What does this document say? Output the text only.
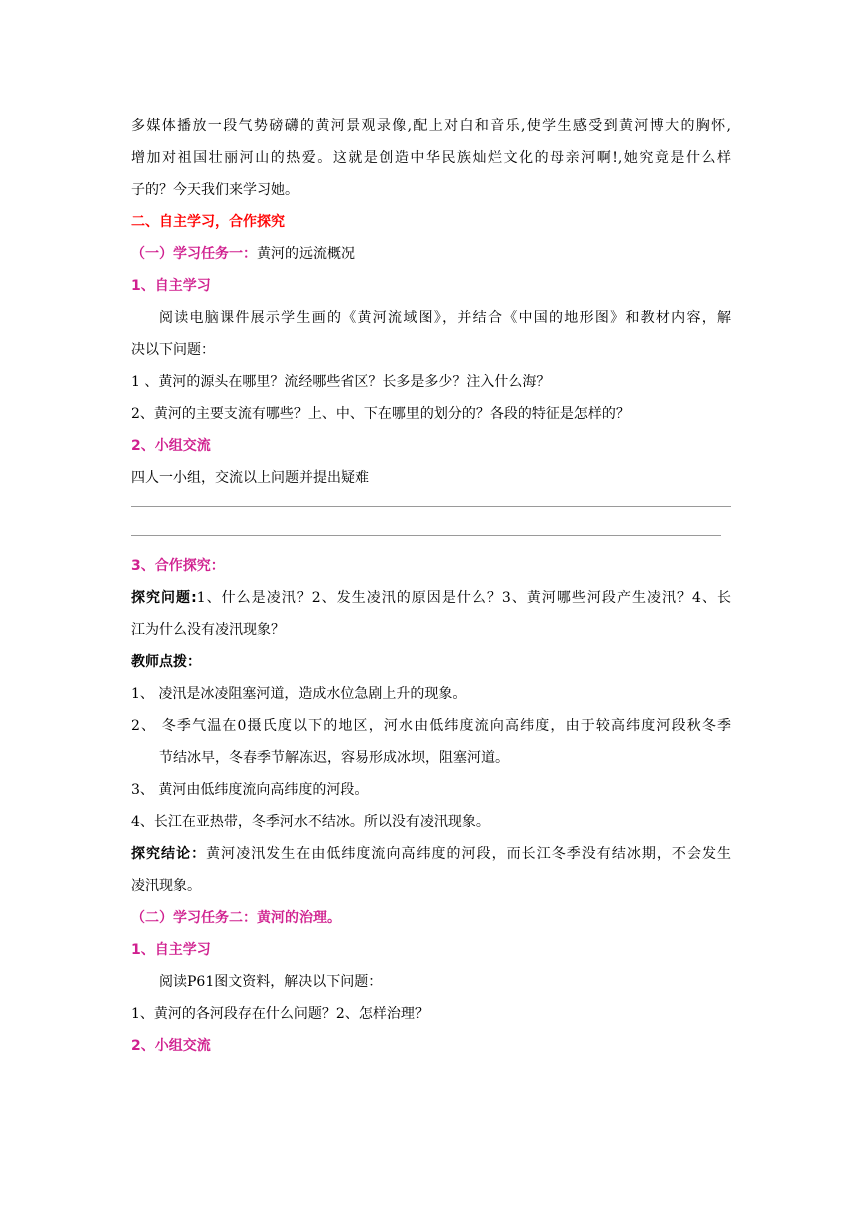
多媒体播放一段气势磅礴的黄河景观录像,配上对白和音乐,使学生感受到黄河博大的胸怀,
增加对祖国壮丽河山的热爱。这就是创造中华民族灿烂文化的母亲河啊!,她究竟是什么样
子的？今天我们来学习她。
二、自主学习，合作探究
（一）学习任务一：黄河的远流概况
1、自主学习
阅读电脑课件展示学生画的《黄河流域图》，并结合《中国的地形图》和教材内容，解
决以下问题：
1 、黄河的源头在哪里？流经哪些省区？长多是多少？注入什么海？
2、黄河的主要支流有哪些？上、中、下在哪里的划分的？各段的特征是怎样的？
2、小组交流
四人一小组，交流以上问题并提出疑难
3、合作探究：
探究问题:1、什么是凌汛？2、发生凌汛的原因是什么？3、黄河哪些河段产生凌汛？4、长
江为什么没有凌汛现象？
教师点拨：
1、 凌汛是冰凌阻塞河道，造成水位急剧上升的现象。
2、 冬季气温在0摄氏度以下的地区，河水由低纬度流向高纬度，由于较高纬度河段秋冬季
节结冰早，冬春季节解冻迟，容易形成冰坝，阻塞河道。
3、 黄河由低纬度流向高纬度的河段。
4、长江在亚热带，冬季河水不结冰。所以没有凌汛现象。
探究结论：黄河凌汛发生在由低纬度流向高纬度的河段，而长江冬季没有结冰期，不会发生
凌汛现象。
（二）学习任务二：黄河的治理。
1、自主学习
阅读P61图文资料，解决以下问题：
1、黄河的各河段存在什么问题？2、怎样治理？
2、小组交流
